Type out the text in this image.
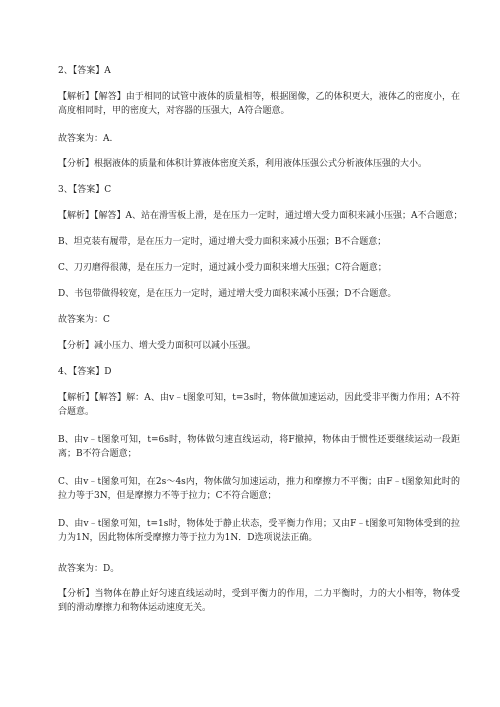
2、【答案】A
【解析】【解答】由于相同的试管中液体的质量相等，根据图像，乙的体积更大，液体乙的密度小，在高度相同时，甲的密度大，对容器的压强大，A符合题意。
故答案为：A.
【分析】根据液体的质量和体积计算液体密度关系，利用液体压强公式分析液体压强的大小。
3、【答案】C
【解析】【解答】A、站在滑雪板上滑，是在压力一定时，通过增大受力面积来减小压强；A不合题意；
B、坦克装有履带，是在压力一定时，通过增大受力面积来减小压强；B不合题意；
C、刀刃磨得很薄，是在压力一定时，通过减小受力面积来增大压强；C符合题意；
D、书包带做得较宽，是在压力一定时，通过增大受力面积来减小压强；D不合题意。
故答案为：C
【分析】减小压力、增大受力面积可以减小压强。
4、【答案】D
【解析】【解答】解：A、由v﹣t图象可知，t=3s时，物体做加速运动，因此受非平衡力作用；A不符合题意。
B、由v﹣t图象可知，t=6s时，物体做匀速直线运动，将F撤掉，物体由于惯性还要继续运动一段距离；B不符合题意；
C、由v﹣t图象可知，在2s～4s内，物体做匀加速运动，推力和摩擦力不平衡；由F﹣t图象知此时的拉力等于3N，但是摩擦力不等于拉力；C不符合题意；
D、由v﹣t图象可知，t=1s时，物体处于静止状态，受平衡力作用；又由F﹣t图象可知物体受到的拉力为1N，因此物体所受摩擦力等于拉力为1N．D选项说法正确。
故答案为：D。
【分析】当物体在静止好匀速直线运动时，受到平衡力的作用，二力平衡时，力的大小相等，物体受到的滑动摩擦力和物体运动速度无关。
